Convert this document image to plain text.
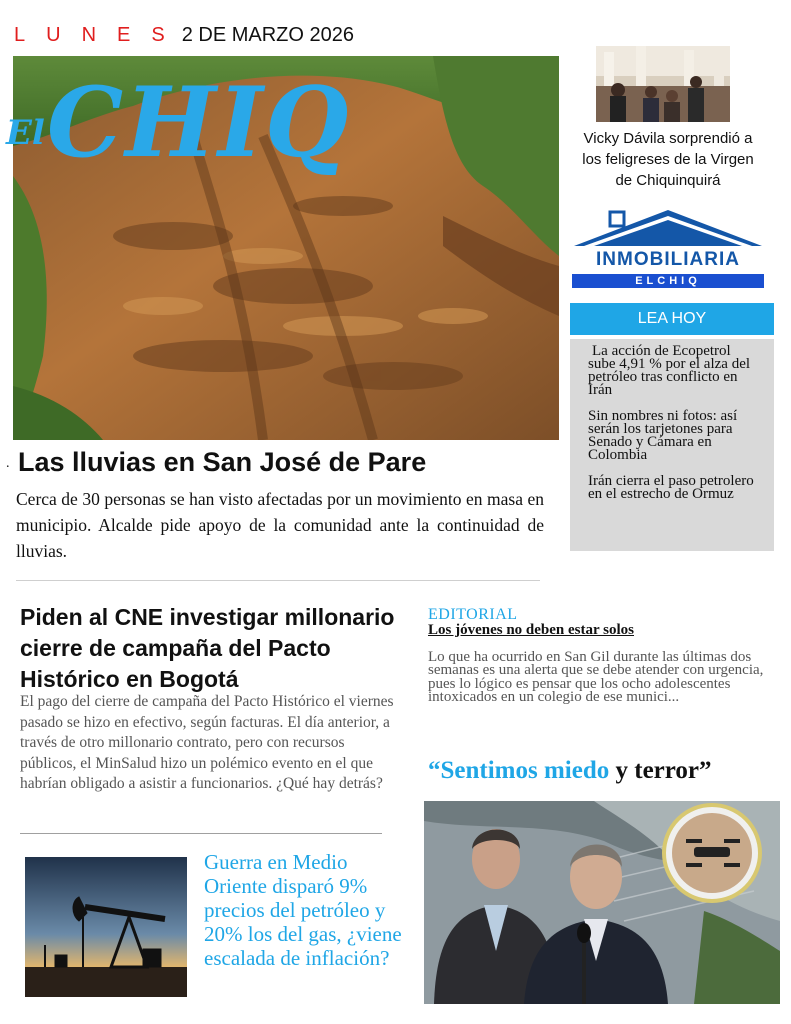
LUNES
2 DE MARZO 2026
ElCHIQ
. Las lluvias en San José de Pare
Cerca de 30 personas se han visto afectadas por un movimiento en masa en municipio. Alcalde pide apoyo de la comunidad ante la continuidad de lluvias.
Vicky Dávila sorprendió a los feligreses de la Virgen de Chiquinquirá
INMOBILIARIA
ELCHIQ
LEA HOY
La acción de Ecopetrol sube 4,91 % por el alza del petróleo tras conflicto en Irán
Sin nombres ni fotos: así serán los tarjetones para Senado y Cámara en Colombia
Irán cierra el paso petrolero en el estrecho de Ormuz
Piden al CNE investigar millonario cierre de campaña del Pacto Histórico en Bogotá
El pago del cierre de campaña del Pacto Histórico el viernes pasado se hizo en efectivo, según facturas. El día anterior, a través de otro millonario contrato, pero con recursos públicos, el MinSalud hizo un polémico evento en el que habrían obligado a asistir a funcionarios. ¿Qué hay detrás?
EDITORIAL
Los jóvenes no deben estar solos
Lo que ha ocurrido en San Gil durante las últimas dos semanas es una alerta que se debe atender con urgencia, pues lo lógico es pensar que los ocho adolescentes intoxicados en un colegio de ese munici...
“Sentimos miedo y terror”
Guerra en Medio Oriente disparó 9% precios del petróleo y 20% los del gas, ¿viene escalada de inflación?
